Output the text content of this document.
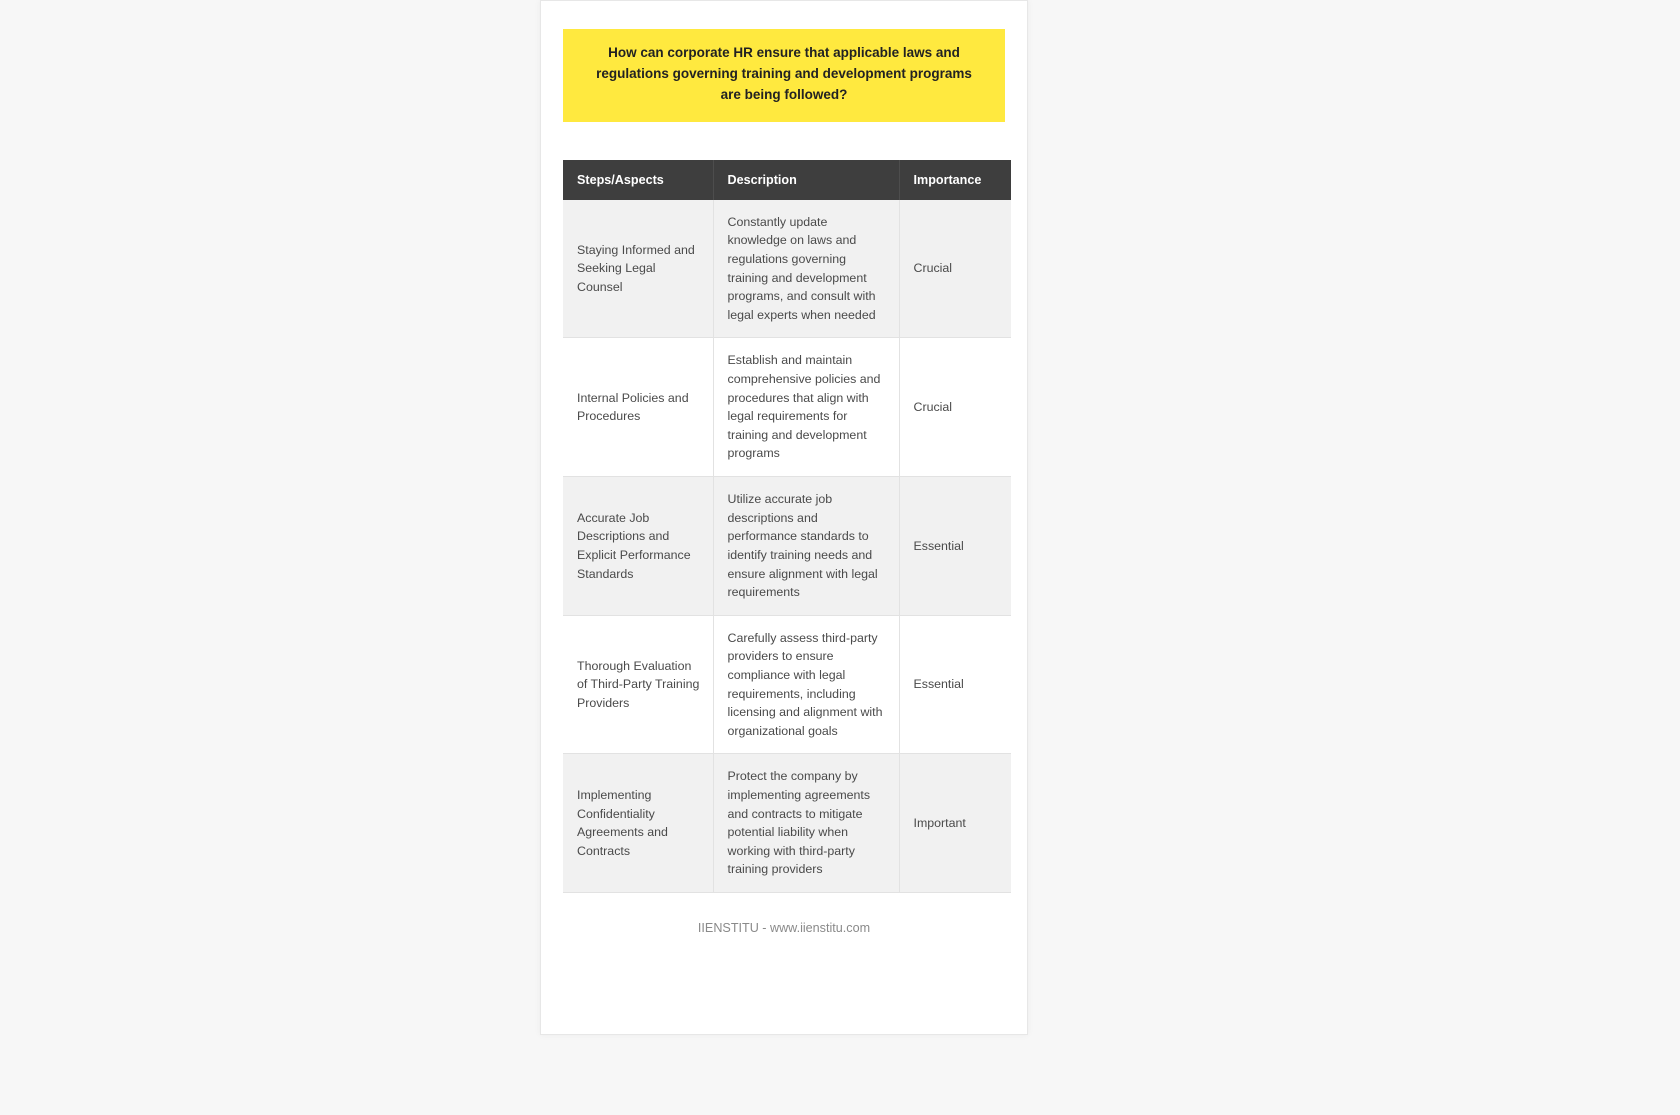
How can corporate HR ensure that applicable laws and regulations governing training and development programs are being followed?
Steps/Aspects	Description	Importance
Staying Informed and Seeking Legal Counsel	Constantly update knowledge on laws and regulations governing training and development programs, and consult with legal experts when needed	Crucial
Internal Policies and Procedures	Establish and maintain comprehensive policies and procedures that align with legal requirements for training and development programs	Crucial
Accurate Job Descriptions and Explicit Performance Standards	Utilize accurate job descriptions and performance standards to identify training needs and ensure alignment with legal requirements	Essential
Thorough Evaluation of Third-Party Training Providers	Carefully assess third-party providers to ensure compliance with legal requirements, including licensing and alignment with organizational goals	Essential
Implementing Confidentiality Agreements and Contracts	Protect the company by implementing agreements and contracts to mitigate potential liability when working with third-party training providers	Important
IIENSTITU - www.iienstitu.com
